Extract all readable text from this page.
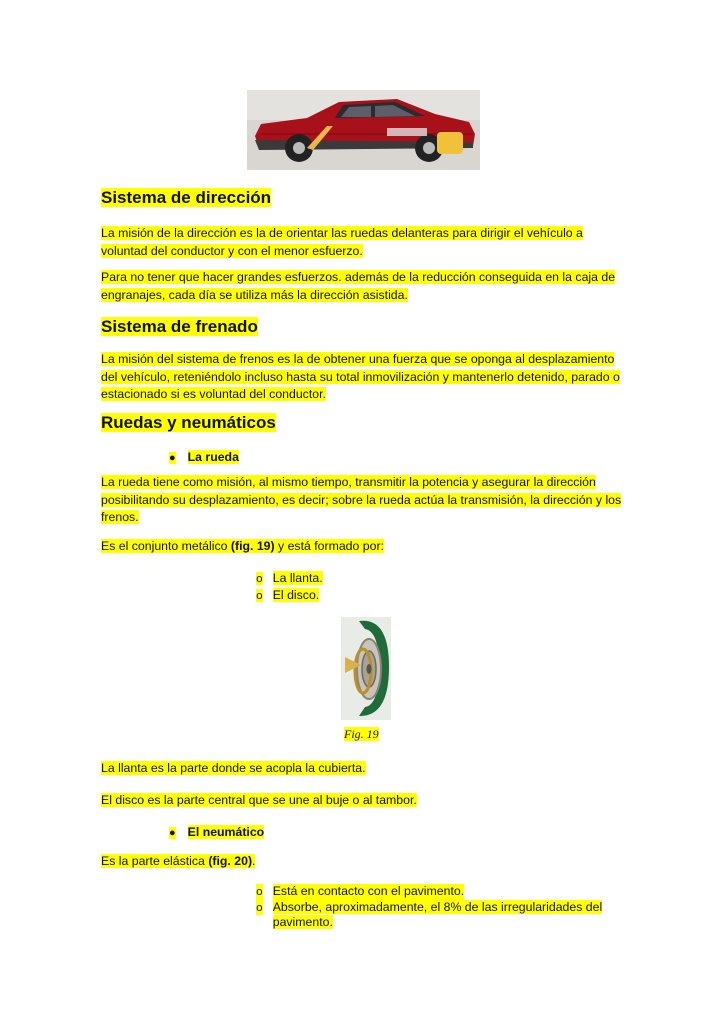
Sistema de dirección
La misión de la dirección es la de orientar las ruedas delanteras para dirigir el vehículo a voluntad del conductor y con el menor esfuerzo.
Para no tener que hacer grandes esfuerzos. además de la reducción conseguida en la caja de engranajes, cada día se utiliza más la dirección asistida.
Sistema de frenado
La misión del sistema de frenos es la de obtener una fuerza que se oponga al desplazamiento del vehículo, reteniéndolo incluso hasta su total inmovilización y mantenerlo detenido, parado o estacionado si es voluntad del conductor.
Ruedas y neumáticos
● La rueda
La rueda tiene como misión, al mismo tiempo, transmitir la potencia y asegurar la dirección posibilitando su desplazamiento, es decir; sobre la rueda actúa la transmisión, la dirección y los frenos.
Es el conjunto metálico (fig. 19) y está formado por:
o La llanta.
o El disco.
Fig. 19
La llanta es la parte donde se acopla la cubierta.
El disco es la parte central que se une al buje o al tambor.
● El neumático
Es la parte elástica (fig. 20).
o Está en contacto con el pavimento.
o Absorbe, aproximadamente, el 8% de las irregularidades del pavimento.
